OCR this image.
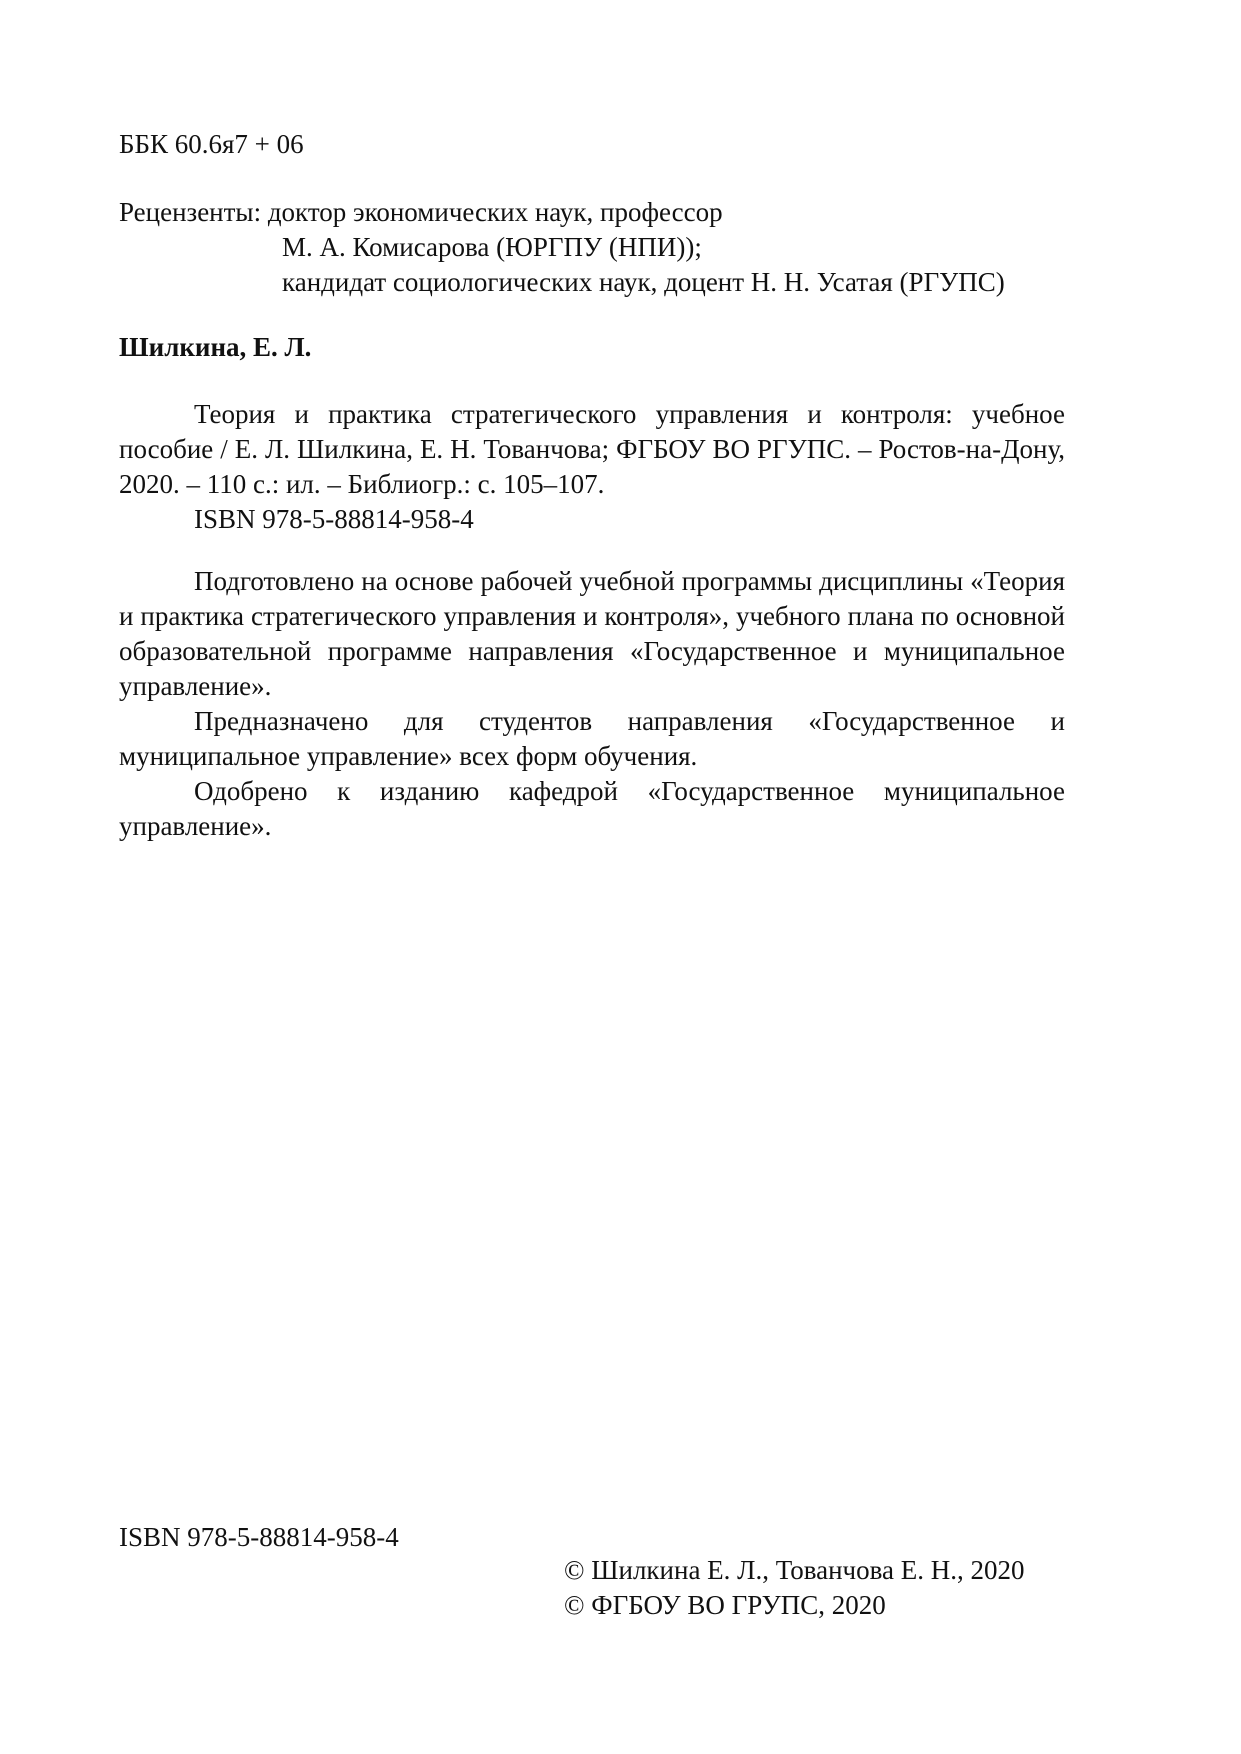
ББК 60.6я7 + 06
Рецензенты: доктор экономических наук, профессор
М. А. Комисарова (ЮРГПУ (НПИ));
кандидат социологических наук, доцент Н. Н. Усатая (РГУПС)
Шилкина, Е. Л.

Теория и практика стратегического управления и контроля: учебное пособие / Е. Л. Шилкина, Е. Н. Тованчова; ФГБОУ ВО РГУПС. – Ростов-на-Дону, 2020. – 110 с.: ил. – Библиогр.: с. 105–107.

ISBN 978-5-88814-958-4

Подготовлено на основе рабочей учебной программы дисциплины «Теория и практика стратегического управления и контроля», учебного плана по основной образовательной программе направления «Государственное и муниципальное управление».

Предназначено для студентов направления «Государственное и муниципальное управление» всех форм обучения.

Одобрено к изданию кафедрой «Государственное муниципальное управление».

ISBN 978-5-88814-958-4
© Шилкина Е. Л., Тованчова Е. Н., 2020
© ФГБОУ ВО ГРУПС, 2020
